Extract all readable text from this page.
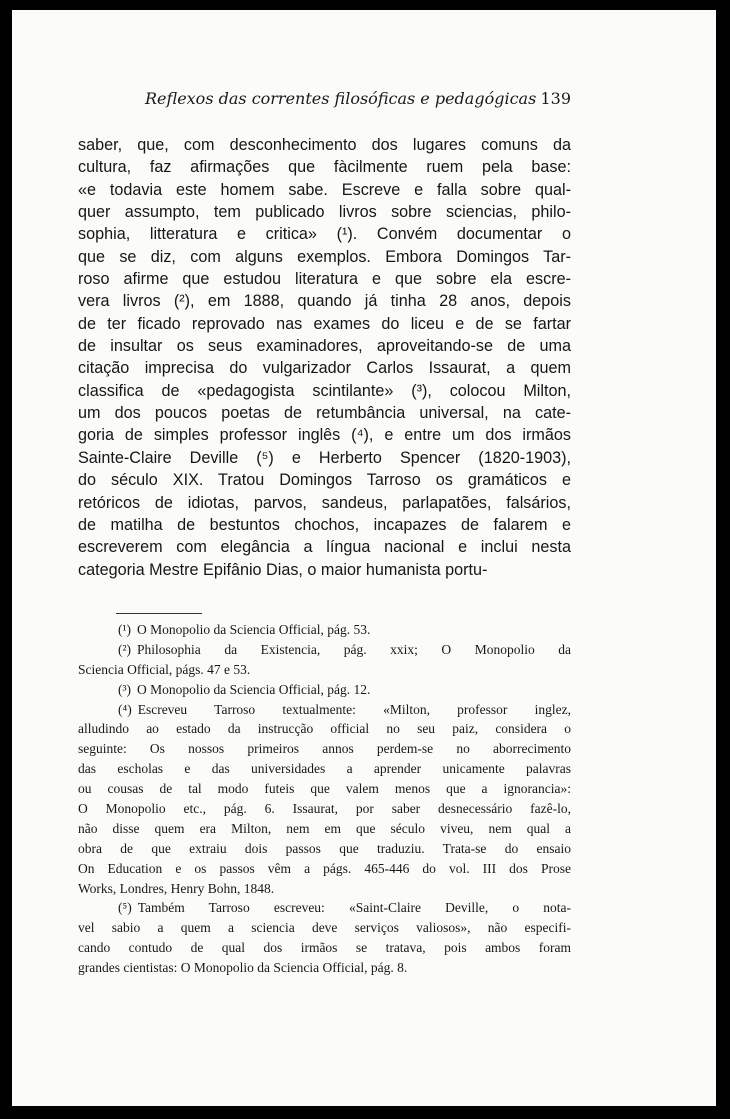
Reflexos das correntes filosóficas e pedagógicas 139
saber, que, com desconhecimento dos lugares comuns da
cultura, faz afirmações que fàcilmente ruem pela base:
«e todavia este homem sabe. Escreve e falla sobre qual-
quer assumpto, tem publicado livros sobre sciencias, philo-
sophia, litteratura e critica» (¹). Convém documentar o
que se diz, com alguns exemplos. Embora Domingos Tar-
roso afirme que estudou literatura e que sobre ela escre-
vera livros (²), em 1888, quando já tinha 28 anos, depois
de ter ficado reprovado nas exames do liceu e de se fartar
de insultar os seus examinadores, aproveitando-se de uma
citação imprecisa do vulgarizador Carlos Issaurat, a quem
classifica de «pedagogista scintilante» (³), colocou Milton,
um dos poucos poetas de retumbância universal, na cate-
goria de simples professor inglês (⁴), e entre um dos irmãos
Sainte-Claire Deville (⁵) e Herberto Spencer (1820-1903),
do século XIX. Tratou Domingos Tarroso os gramáticos e
retóricos de idiotas, parvos, sandeus, parlapatões, falsários,
de matilha de bestuntos chochos, incapazes de falarem e
escreverem com elegância a língua nacional e inclui nesta
categoria Mestre Epifânio Dias, o maior humanista portu-
(¹) O Monopolio da Sciencia Official, pág. 53.
(²) Philosophia da Existencia, pág. xxix; O Monopolio da
Sciencia Official, págs. 47 e 53.
(³) O Monopolio da Sciencia Official, pág. 12.
(⁴) Escreveu Tarroso textualmente: «Milton, professor inglez,
alludindo ao estado da instrucção official no seu paiz, considera o
seguinte: Os nossos primeiros annos perdem-se no aborrecimento
das escholas e das universidades a aprender unicamente palavras
ou cousas de tal modo futeis que valem menos que a ignorancia»:
O Monopolio etc., pág. 6. Issaurat, por saber desnecessário fazê-lo,
não disse quem era Milton, nem em que século viveu, nem qual a
obra de que extraiu dois passos que traduziu. Trata-se do ensaio
On Education e os passos vêm a págs. 465-446 do vol. III dos Prose
Works, Londres, Henry Bohn, 1848.
(⁵) Também Tarroso escreveu: «Saint-Claire Deville, o nota-
vel sabio a quem a sciencia deve serviços valiosos», não especifi-
cando contudo de qual dos irmãos se tratava, pois ambos foram
grandes cientistas: O Monopolio da Sciencia Official, pág. 8.
